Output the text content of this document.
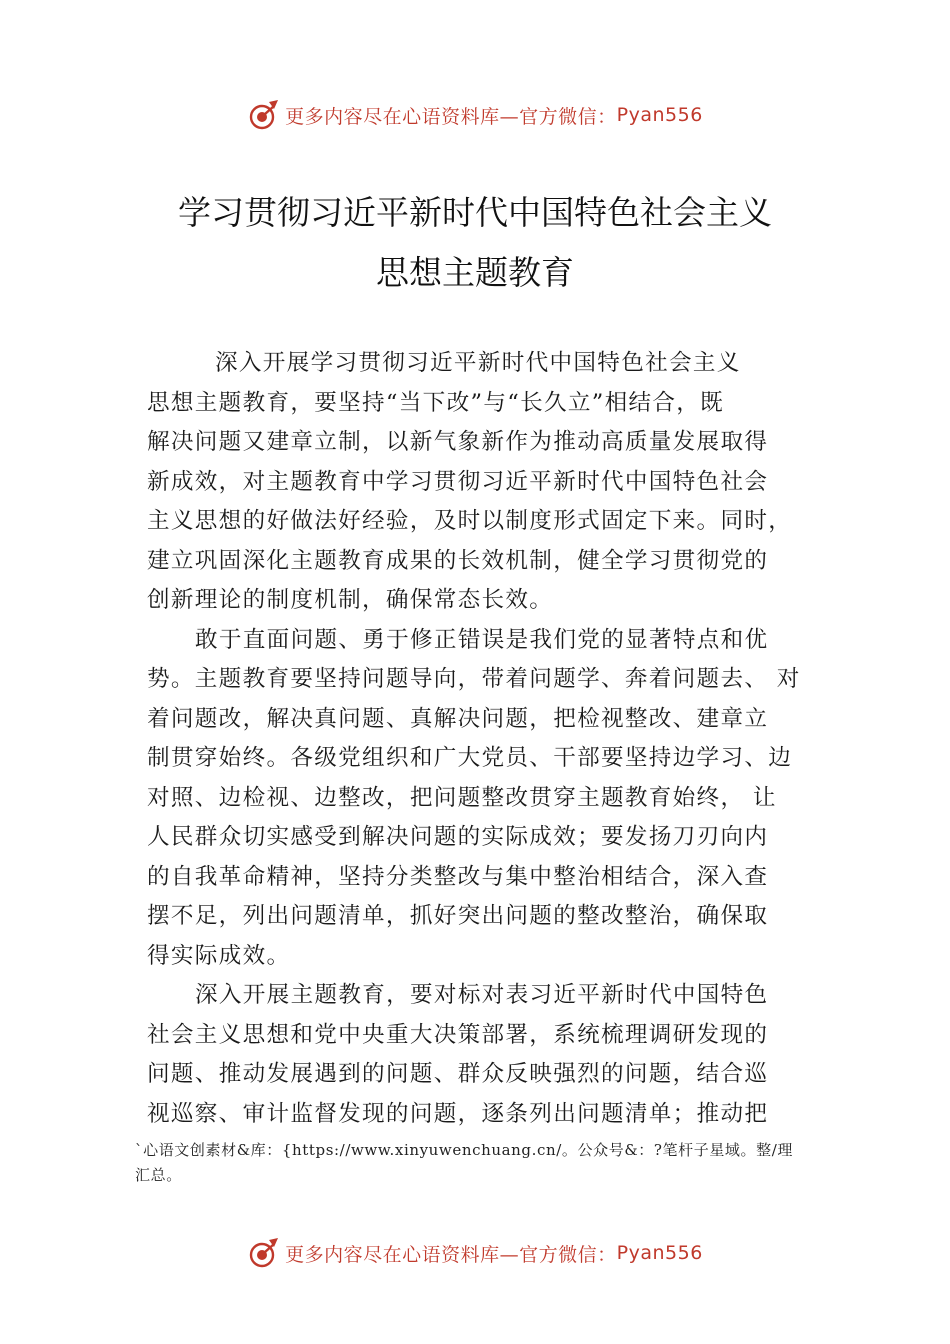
更多内容尽在心语资料库—官方微信： Pyan556
学习贯彻习近平新时代中国特色社会主义
思想主题教育
深入开展学习贯彻习近平新时代中国特色社会主义
思想主题教育，要坚持“当下改”与“长久立”相结合，既
解决问题又建章立制，以新气象新作为推动高质量发展取得
新成效，对主题教育中学习贯彻习近平新时代中国特色社会
主义思想的好做法好经验，及时以制度形式固定下来。同时，
建立巩固深化主题教育成果的长效机制，健全学习贯彻党的
创新理论的制度机制，确保常态长效。
敢于直面问题、勇于修正错误是我们党的显著特点和优
势。主题教育要坚持问题导向，带着问题学、奔着问题去、 对
着问题改，解决真问题、真解决问题，把检视整改、建章立
制贯穿始终。各级党组织和广大党员、干部要坚持边学习、边
对照、边检视、边整改，把问题整改贯穿主题教育始终， 让
人民群众切实感受到解决问题的实际成效；要发扬刀刃向内
的自我革命精神，坚持分类整改与集中整治相结合，深入查
摆不足，列出问题清单，抓好突出问题的整改整治，确保取
得实际成效。
深入开展主题教育，要对标对表习近平新时代中国特色
社会主义思想和党中央重大决策部署，系统梳理调研发现的
问题、推动发展遇到的问题、群众反映强烈的问题，结合巡
视巡察、审计监督发现的问题，逐条列出问题清单；推动把
`心语文创素材&库：{https://www.xinyuwenchuang.cn/。公众号&：?笔杆子星域。整/理
汇总。
更多内容尽在心语资料库—官方微信： Pyan556
